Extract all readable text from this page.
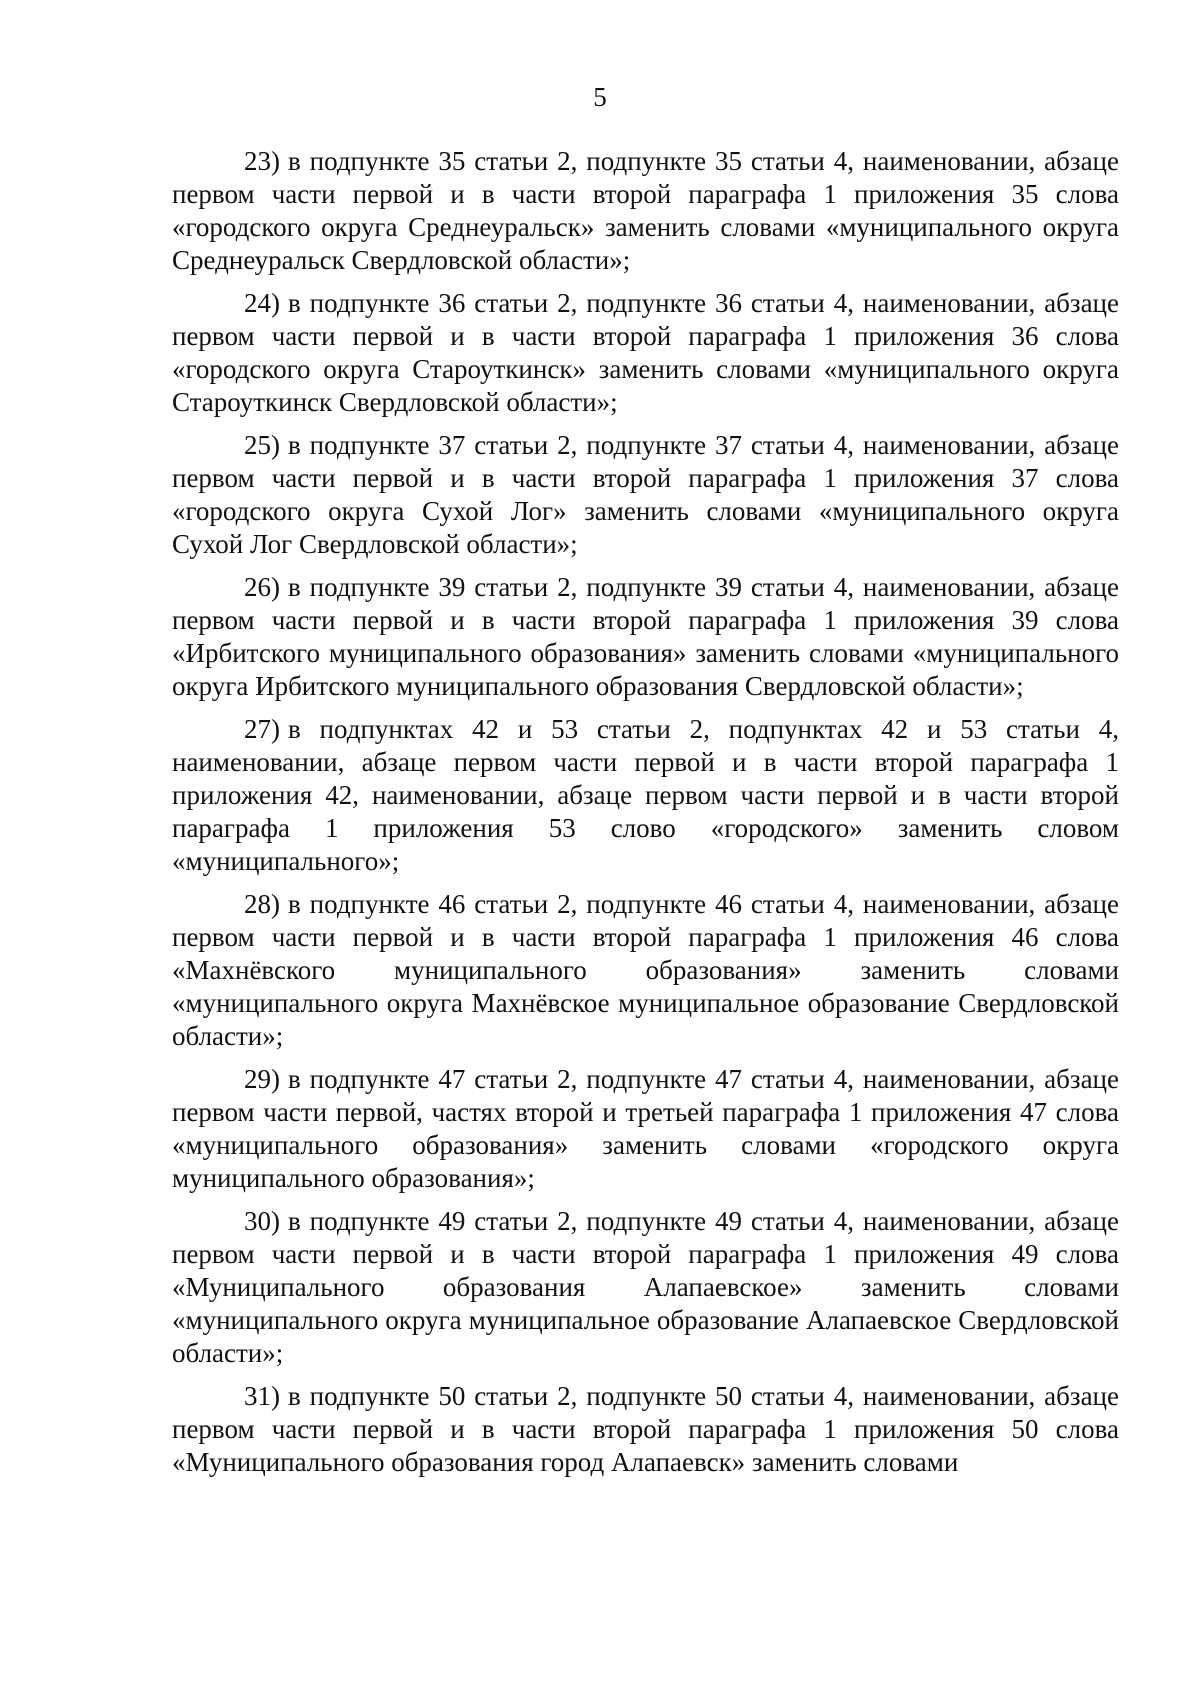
5

23) в подпункте 35 статьи 2, подпункте 35 статьи 4, наименовании, абзаце первом части первой и в части второй параграфа 1 приложения 35 слова «городского округа Среднеуральск» заменить словами «муниципального округа Среднеуральск Свердловской области»;

24) в подпункте 36 статьи 2, подпункте 36 статьи 4, наименовании, абзаце первом части первой и в части второй параграфа 1 приложения 36 слова «городского округа Староуткинск» заменить словами «муниципального округа Староуткинск Свердловской области»;

25) в подпункте 37 статьи 2, подпункте 37 статьи 4, наименовании, абзаце первом части первой и в части второй параграфа 1 приложения 37 слова «городского округа Сухой Лог» заменить словами «муниципального округа Сухой Лог Свердловской области»;

26) в подпункте 39 статьи 2, подпункте 39 статьи 4, наименовании, абзаце первом части первой и в части второй параграфа 1 приложения 39 слова «Ирбитского муниципального образования» заменить словами «муниципального округа Ирбитского муниципального образования Свердловской области»;

27) в подпунктах 42 и 53 статьи 2, подпунктах 42 и 53 статьи 4, наименовании, абзаце первом части первой и в части второй параграфа 1 приложения 42, наименовании, абзаце первом части первой и в части второй параграфа 1 приложения 53 слово «городского» заменить словом «муниципального»;

28) в подпункте 46 статьи 2, подпункте 46 статьи 4, наименовании, абзаце первом части первой и в части второй параграфа 1 приложения 46 слова «Махнёвского муниципального образования» заменить словами «муниципального округа Махнёвское муниципальное образование Свердловской области»;

29) в подпункте 47 статьи 2, подпункте 47 статьи 4, наименовании, абзаце первом части первой, частях второй и третьей параграфа 1 приложения 47 слова «муниципального образования» заменить словами «городского округа муниципального образования»;

30) в подпункте 49 статьи 2, подпункте 49 статьи 4, наименовании, абзаце первом части первой и в части второй параграфа 1 приложения 49 слова «Муниципального образования Алапаевское» заменить словами «муниципального округа муниципальное образование Алапаевское Свердловской области»;

31) в подпункте 50 статьи 2, подпункте 50 статьи 4, наименовании, абзаце первом части первой и в части второй параграфа 1 приложения 50 слова «Муниципального образования город Алапаевск» заменить словами
